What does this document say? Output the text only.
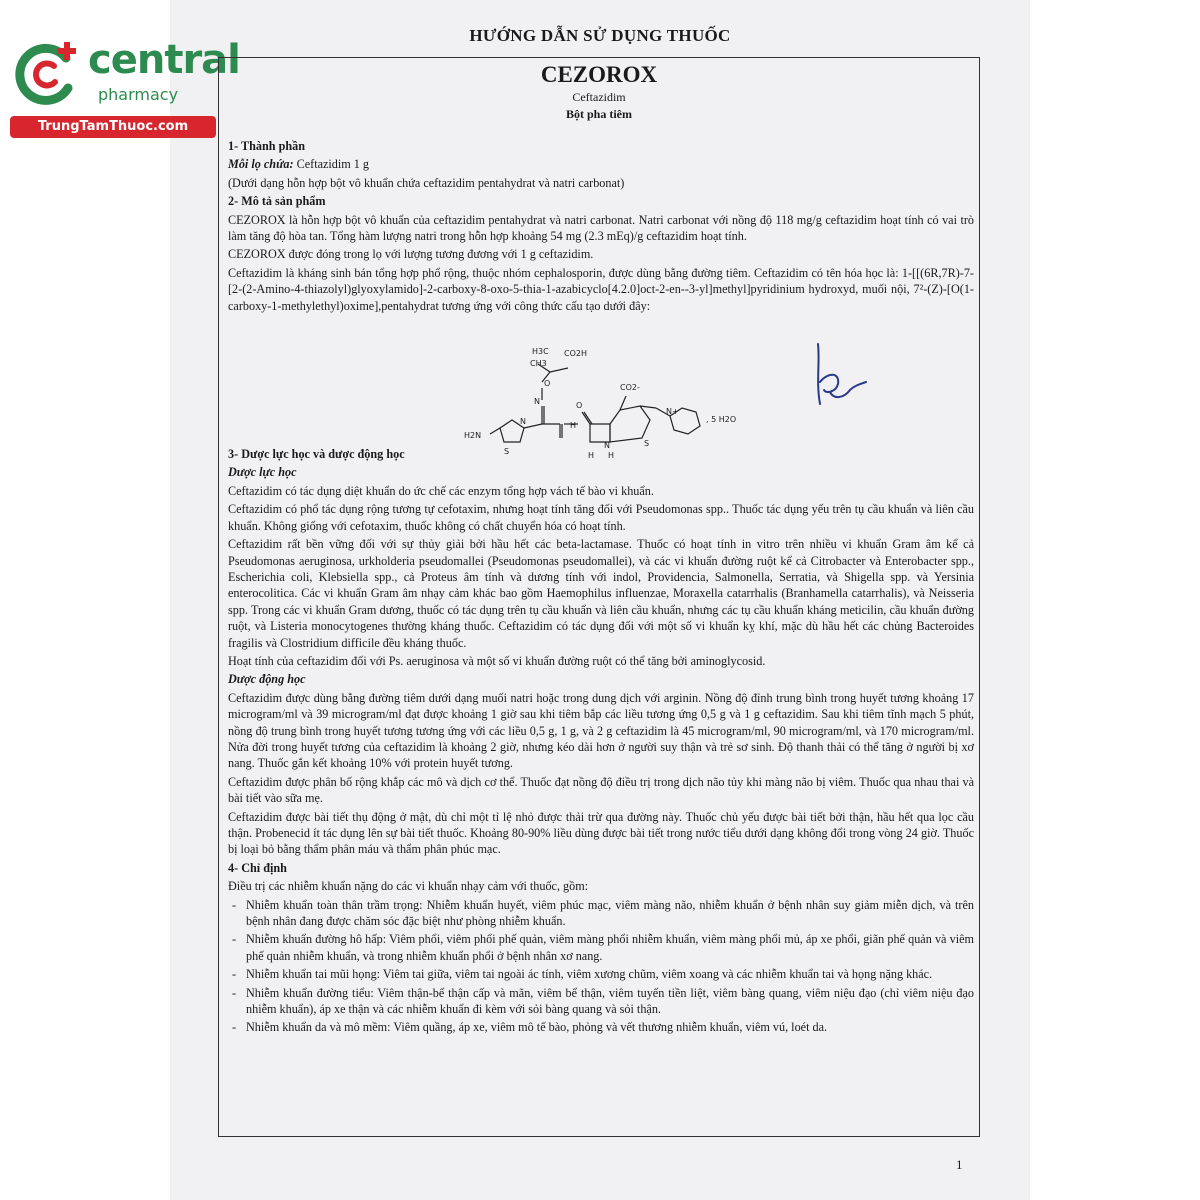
central
pharmacy
TrungTamThuoc.com
HƯỚNG DẪN SỬ DỤNG THUỐC
CEZOROX
Ceftazidim
Bột pha tiêm

1- Thành phần

Mỗi lọ chứa: Ceftazidim 1 g

(Dưới dạng hỗn hợp bột vô khuẩn chứa ceftazidim pentahydrat và natri carbonat)

2- Mô tả sản phẩm

CEZOROX là hỗn hợp bột vô khuẩn của ceftazidim pentahydrat và natri carbonat. Natri carbonat với nồng độ 118 mg/g ceftazidim hoạt tính có vai trò làm tăng độ hòa tan. Tổng hàm lượng natri trong hỗn hợp khoảng 54 mg (2.3 mEq)/g ceftazidim hoạt tính.

CEZOROX được đóng trong lọ với lượng tương đương với 1 g ceftazidim.

Ceftazidim là kháng sinh bán tổng hợp phổ rộng, thuộc nhóm cephalosporin, được dùng bằng đường tiêm. Ceftazidim có tên hóa học là: 1-[[(6R,7R)-7-[2-(2-Amino-4-thiazolyl)glyoxylamido]-2-carboxy-8-oxo-5-thia-1-azabicyclo[4.2.0]oct-2-en--3-yl]methyl]pyridinium hydroxyd, muối nội, 7²-(Z)-[O(1-carboxy-1-methylethyl)oxime],pentahydrat tương ứng với công thức cấu tạo dưới đây:

3- Dược lực học và dược động học

Dược lực học

Ceftazidim có tác dụng diệt khuẩn do ức chế các enzym tổng hợp vách tế bào vi khuẩn.

Ceftazidim có phổ tác dụng rộng tương tự cefotaxim, nhưng hoạt tính tăng đối với Pseudomonas spp.. Thuốc tác dụng yếu trên tụ cầu khuẩn và liên cầu khuẩn. Không giống với cefotaxim, thuốc không có chất chuyển hóa có hoạt tính.

Ceftazidim rất bền vững đối với sự thủy giải bởi hầu hết các beta-lactamase. Thuốc có hoạt tính in vitro trên nhiều vi khuẩn Gram âm kể cả Pseudomonas aeruginosa, urkholderia pseudomallei (Pseudomonas pseudomallei), và các vi khuẩn đường ruột kể cả Citrobacter và Enterobacter spp., Escherichia coli, Klebsiella spp., cả Proteus âm tính và dương tính với indol, Providencia, Salmonella, Serratia, và Shigella spp. và Yersinia enterocolitica. Các vi khuẩn Gram âm nhạy cảm khác bao gồm Haemophilus influenzae, Moraxella catarrhalis (Branhamella catarrhalis), và Neisseria spp. Trong các vi khuẩn Gram dương, thuốc có tác dụng trên tụ cầu khuẩn và liên cầu khuẩn, nhưng các tụ cầu khuẩn kháng meticilin, cầu khuẩn đường ruột, và Listeria monocytogenes thường kháng thuốc. Ceftazidim có tác dụng đối với một số vi khuẩn kỵ khí, mặc dù hầu hết các chủng Bacteroides fragilis và Clostridium difficile đều kháng thuốc.

Hoạt tính của ceftazidim đối với Ps. aeruginosa và một số vi khuẩn đường ruột có thể tăng bởi aminoglycosid.

Dược động học

Ceftazidim được dùng bằng đường tiêm dưới dạng muối natri hoặc trong dung dịch với arginin. Nồng độ đỉnh trung bình trong huyết tương khoảng 17 microgram/ml và 39 microgram/ml đạt được khoảng 1 giờ sau khi tiêm bắp các liều tương ứng 0,5 g và 1 g ceftazidim. Sau khi tiêm tĩnh mạch 5 phút, nồng độ trung bình trong huyết tương tương ứng với các liều 0,5 g, 1 g, và 2 g ceftazidim là 45 microgram/ml, 90 microgram/ml, và 170 microgram/ml. Nửa đời trong huyết tương của ceftazidim là khoảng 2 giờ, nhưng kéo dài hơn ở người suy thận và trẻ sơ sinh. Độ thanh thải có thể tăng ở người bị xơ nang. Thuốc gắn kết khoảng 10% với protein huyết tương.

Ceftazidim được phân bố rộng khắp các mô và dịch cơ thể. Thuốc đạt nồng độ điều trị trong dịch não tủy khi màng não bị viêm. Thuốc qua nhau thai và bài tiết vào sữa mẹ.

Ceftazidim được bài tiết thụ động ở mật, dù chỉ một tỉ lệ nhỏ được thải trừ qua đường này. Thuốc chủ yếu được bài tiết bởi thận, hầu hết qua lọc cầu thận. Probenecid ít tác dụng lên sự bài tiết thuốc. Khoảng 80-90% liều dùng được bài tiết trong nước tiểu dưới dạng không đổi trong vòng 24 giờ. Thuốc bị loại bỏ bằng thẩm phân máu và thẩm phân phúc mạc.

4- Chỉ định

Điều trị các nhiễm khuẩn nặng do các vi khuẩn nhạy cảm với thuốc, gồm:

- Nhiễm khuẩn toàn thân trầm trọng: Nhiễm khuẩn huyết, viêm phúc mạc, viêm màng não, nhiễm khuẩn ở bệnh nhân suy giảm miễn dịch, và trên bệnh nhân đang được chăm sóc đặc biệt như phòng nhiễm khuẩn.
- Nhiễm khuẩn đường hô hấp: Viêm phổi, viêm phổi phế quản, viêm màng phổi nhiễm khuẩn, viêm màng phổi mủ, áp xe phổi, giãn phế quản và viêm phế quản nhiễm khuẩn, và trong nhiễm khuẩn phổi ở bệnh nhân xơ nang.
- Nhiễm khuẩn tai mũi họng: Viêm tai giữa, viêm tai ngoài ác tính, viêm xương chũm, viêm xoang và các nhiễm khuẩn tai và họng nặng khác.
- Nhiễm khuẩn đường tiểu: Viêm thận-bể thận cấp và mãn, viêm bể thận, viêm tuyến tiền liệt, viêm bàng quang, viêm niệu đạo (chỉ viêm niệu đạo nhiễm khuẩn), áp xe thận và các nhiễm khuẩn đi kèm với sỏi bàng quang và sỏi thận.
- Nhiễm khuẩn da và mô mềm: Viêm quầng, áp xe, viêm mô tế bào, phỏng và vết thương nhiễm khuẩn, viêm vú, loét da.
H3C
CH3
CO2H
O
N
CO2-
N+
, 5 H2O
H2N
S
N	H
O
N	S
H H
1
